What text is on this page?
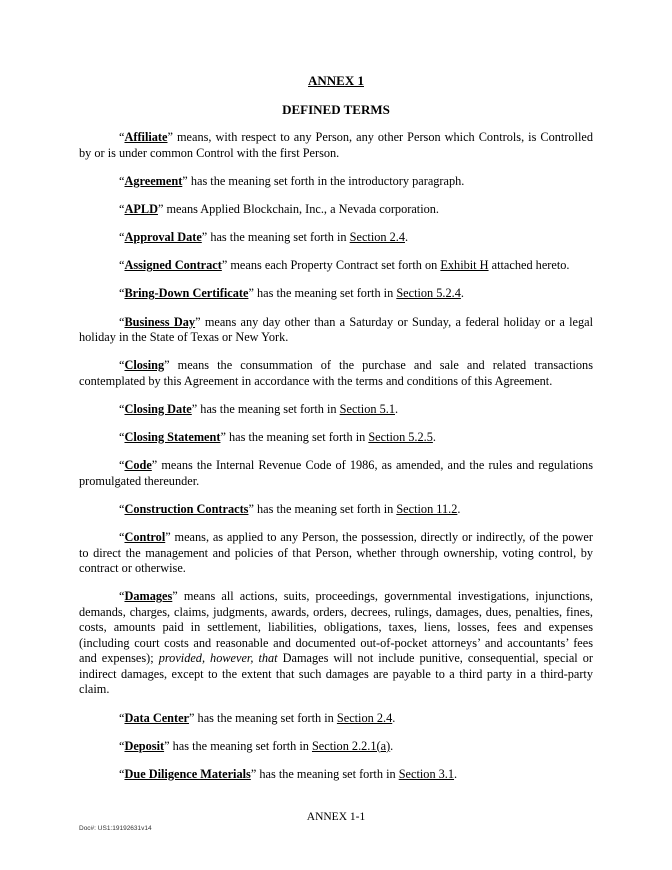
ANNEX 1
DEFINED TERMS

“Affiliate” means, with respect to any Person, any other Person which Controls, is Controlled by or is under common Control with the first Person.

“Agreement” has the meaning set forth in the introductory paragraph.

“APLD” means Applied Blockchain, Inc., a Nevada corporation.

“Approval Date” has the meaning set forth in Section 2.4.

“Assigned Contract” means each Property Contract set forth on Exhibit H attached hereto.

“Bring-Down Certificate” has the meaning set forth in Section 5.2.4.

“Business Day” means any day other than a Saturday or Sunday, a federal holiday or a legal holiday in the State of Texas or New York.

“Closing” means the consummation of the purchase and sale and related transactions contemplated by this Agreement in accordance with the terms and conditions of this Agreement.

“Closing Date” has the meaning set forth in Section 5.1.

“Closing Statement” has the meaning set forth in Section 5.2.5.

“Code” means the Internal Revenue Code of 1986, as amended, and the rules and regulations promulgated thereunder.

“Construction Contracts” has the meaning set forth in Section 11.2.

“Control” means, as applied to any Person, the possession, directly or indirectly, of the power to direct the management and policies of that Person, whether through ownership, voting control, by contract or otherwise.

“Damages” means all actions, suits, proceedings, governmental investigations, injunctions, demands, charges, claims, judgments, awards, orders, decrees, rulings, damages, dues, penalties, fines, costs, amounts paid in settlement, liabilities, obligations, taxes, liens, losses, fees and expenses (including court costs and reasonable and documented out-of-pocket attorneys’ and accountants’ fees and expenses); provided, however, that Damages will not include punitive, consequential, special or indirect damages, except to the extent that such damages are payable to a third party in a third-party claim.

“Data Center” has the meaning set forth in Section 2.4.

“Deposit” has the meaning set forth in Section 2.2.1(a).

“Due Diligence Materials” has the meaning set forth in Section 3.1.

ANNEX 1-1
Doc#: US1:19192631v14
